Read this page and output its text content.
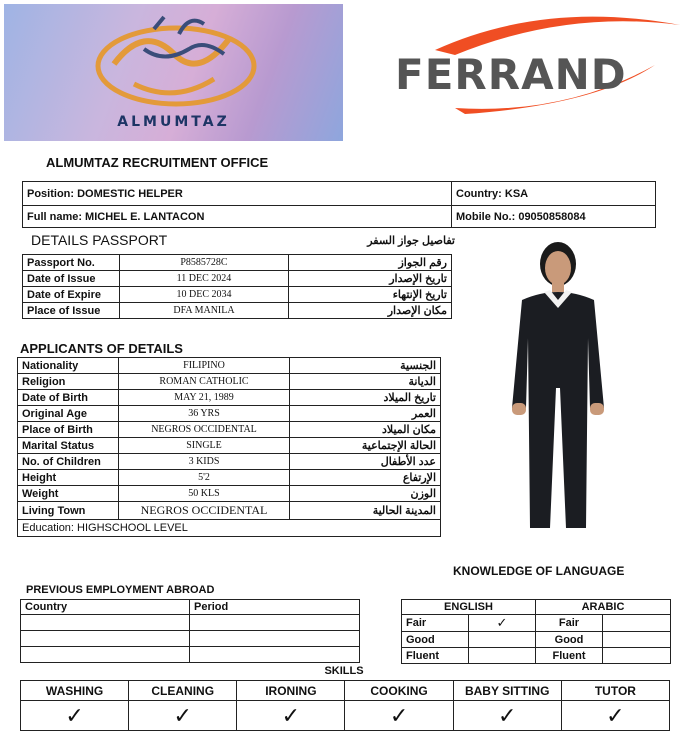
ALMUMTAZ
FERRAND
ALMUMTAZ RECRUITMENT OFFICE
Position: DOMESTIC HELPER	Country: KSA
Full name: MICHEL E. LANTACON	Mobile No.: 09050858084
DETAILS PASSPORT	تفاصيل جواز السفر
Passport No.	P8585728C	رقم الجواز
Date of Issue	11 DEC 2024	تاريخ الإصدار
Date of Expire	10 DEC 2034	تاريخ الإنتهاء
Place of Issue	DFA MANILA	مكان الإصدار
APPLICANTS OF DETAILS
Nationality	FILIPINO	الجنسية
Religion	ROMAN CATHOLIC	الديانة
Date of Birth	MAY 21, 1989	تاريخ الميلاد
Original Age	36 YRS	العمر
Place of Birth	NEGROS OCCIDENTAL	مكان الميلاد
Marital Status	SINGLE	الحالة الإجتماعية
No. of Children	3 KIDS	عدد الأطفال
Height	5'2	الإرتفاع
Weight	50 KLS	الوزن
Living Town	NEGROS OCCIDENTAL	المدينة الحالية
Education: HIGHSCHOOL LEVEL		
KNOWLEDGE OF LANGUAGE
PREVIOUS EMPLOYMENT ABROAD
Country	Period

		ENGLISH		ARABIC	
Fair	✓	Fair	
Good		Good	
Fluent		Fluent	
SKILLS
WASHING	CLEANING	IRONING	COOKING	BABY SITTING	TUTOR
✓	✓	✓	✓	✓	✓
